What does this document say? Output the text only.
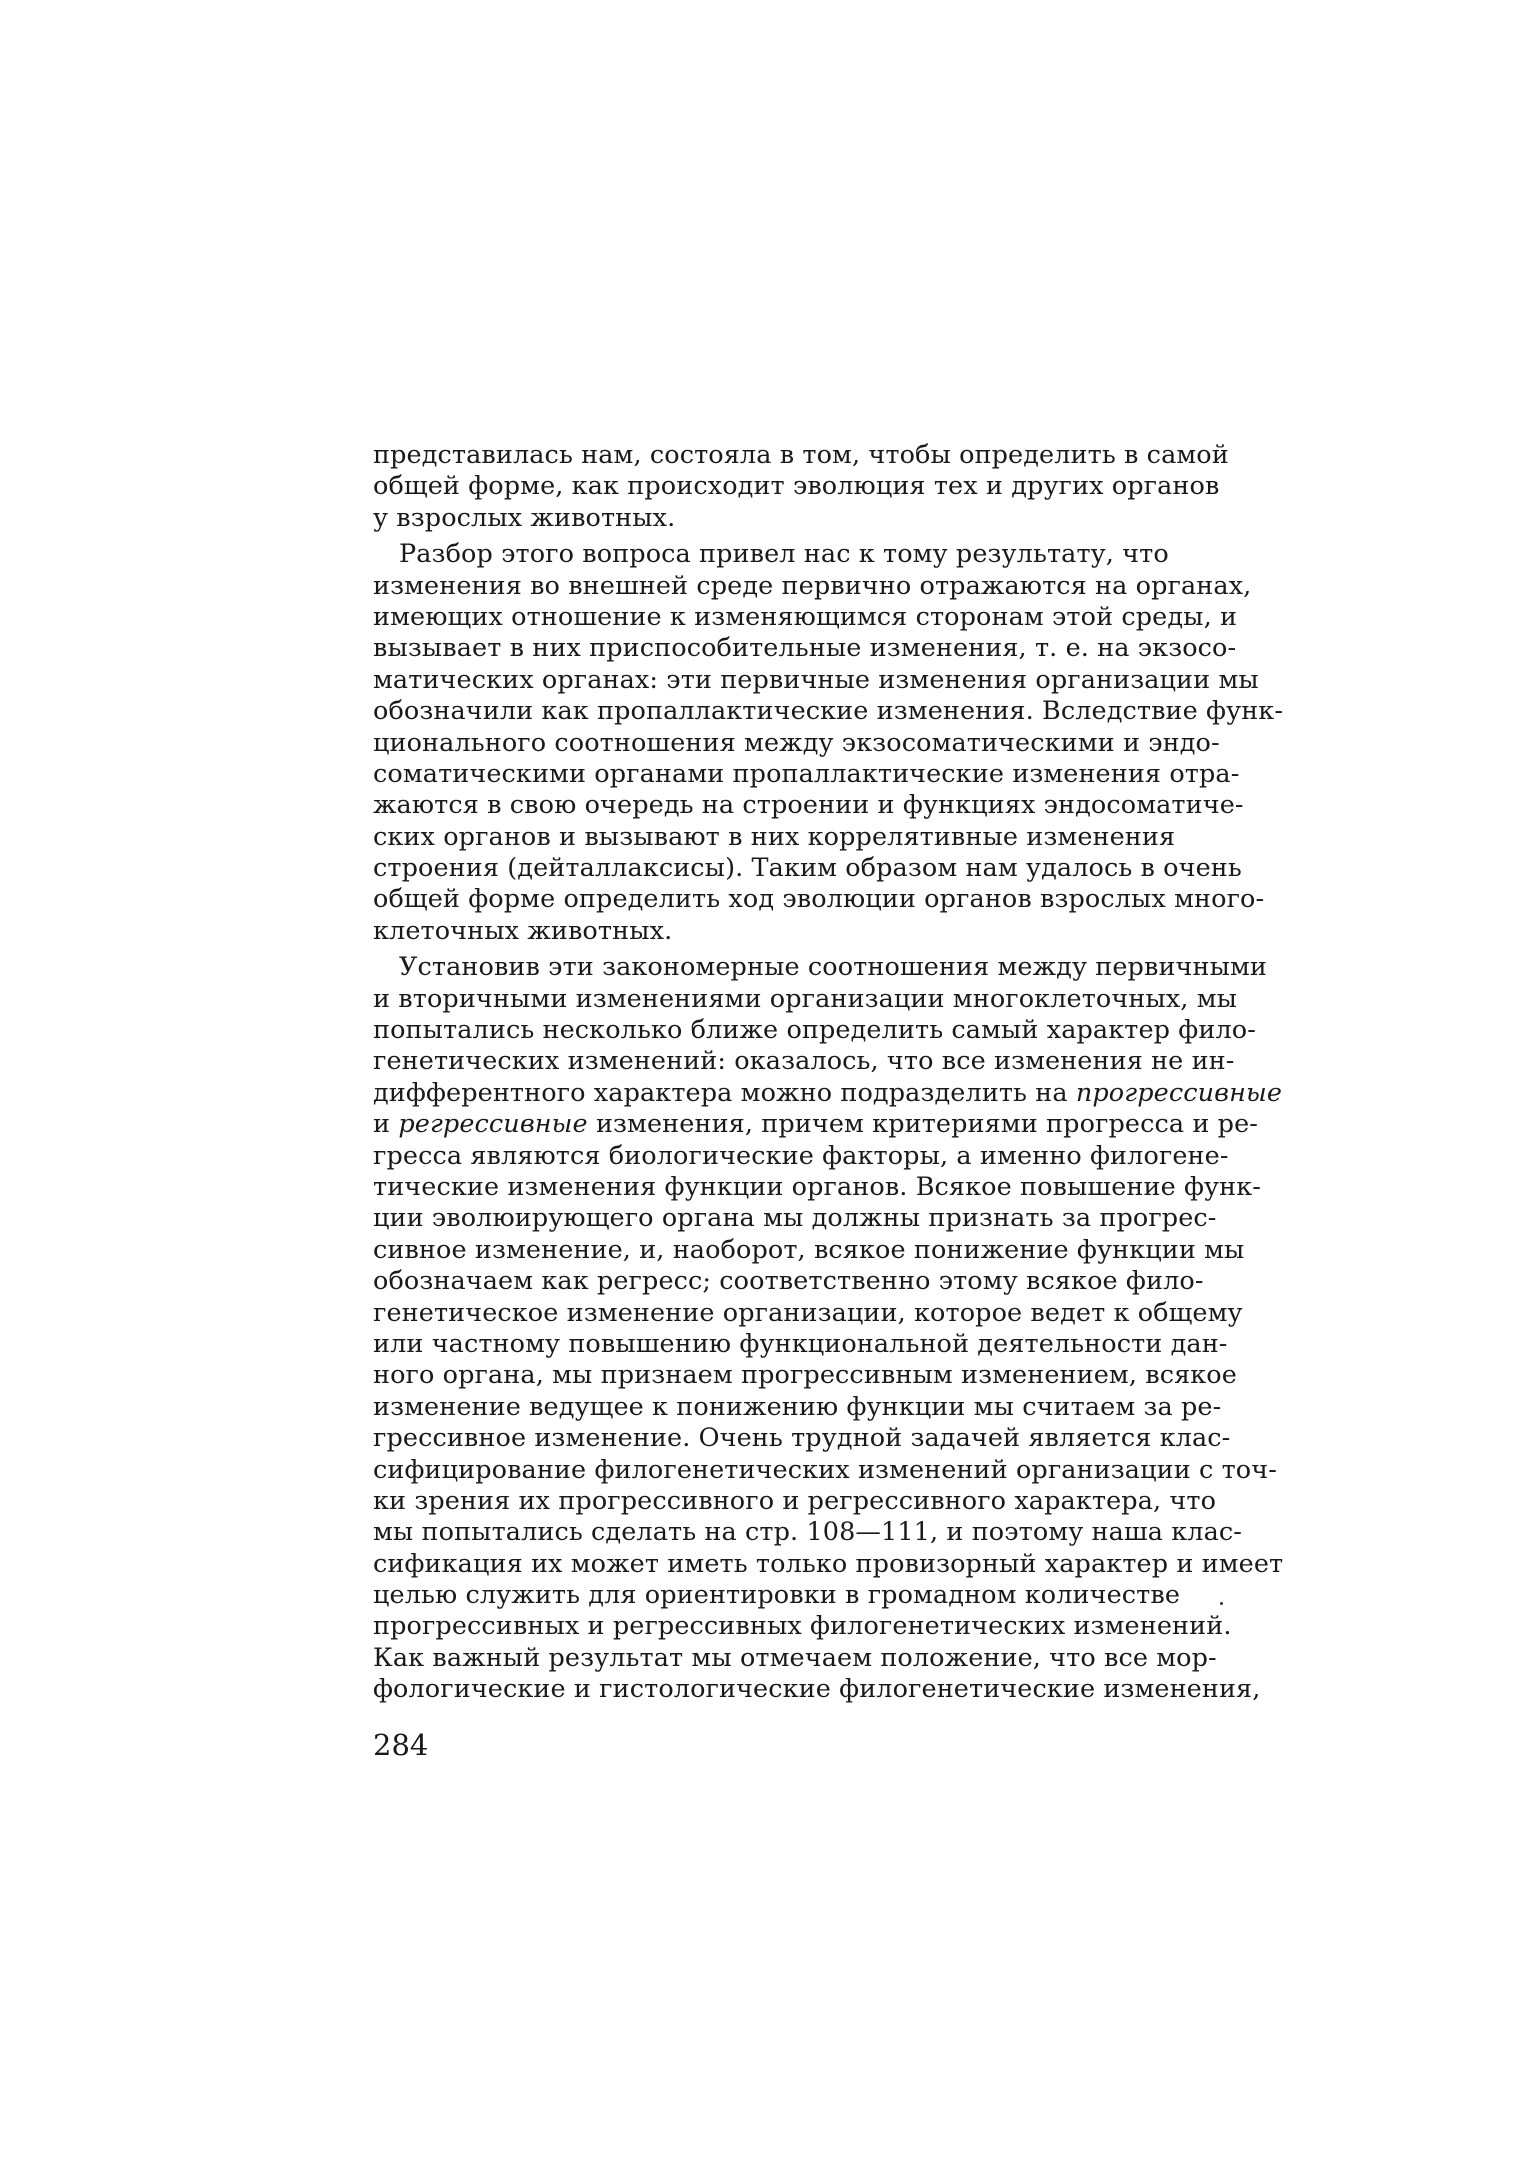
представилась нам, состояла в том, чтобы определить в самой
общей форме, как происходит эволюция тех и других органов
у взрослых животных.
Разбор этого вопроса привел нас к тому результату, что
изменения во внешней среде первично отражаются на органах,
имеющих отношение к изменяющимся сторонам этой среды, и
вызывает в них приспособительные изменения, т. е. на экзосо-
матических органах: эти первичные изменения организации мы
обозначили как пропаллактические изменения. Вследствие функ-
ционального соотношения между экзосоматическими и эндо-
соматическими органами пропаллактические изменения отра-
жаются в свою очередь на строении и функциях эндосоматиче-
ских органов и вызывают в них коррелятивные изменения
строения (дейталлаксисы). Таким образом нам удалось в очень
общей форме определить ход эволюции органов взрослых много-
клеточных животных.
Установив эти закономерные соотношения между первичными
и вторичными изменениями организации многоклеточных, мы
попытались несколько ближе определить самый характер фило-
генетических изменений: оказалось, что все изменения не ин-
дифферентного характера можно подразделить на прогрессивные
и регрессивные изменения, причем критериями прогресса и ре-
гресса являются биологические факторы, а именно филогене-
тические изменения функции органов. Всякое повышение функ-
ции эволюирующего органа мы должны признать за прогрес-
сивное изменение, и, наоборот, всякое понижение функции мы
обозначаем как регресс; соответственно этому всякое фило-
генетическое изменение организации, которое ведет к общему
или частному повышению функциональной деятельности дан-
ного органа, мы признаем прогрессивным изменением, всякое
изменение ведущее к понижению функции мы считаем за ре-
грессивное изменение. Очень трудной задачей является клас-
сифицирование филогенетических изменений организации с точ-
ки зрения их прогрессивного и регрессивного характера, что
мы попытались сделать на стр. 108—111, и поэтому наша клас-
сификация их может иметь только провизорный характер и имеет
целью служить для ориентировки в громадном количестве
прогрессивных и регрессивных филогенетических изменений.
Как важный результат мы отмечаем положение, что все мор-
фологические и гистологические филогенетические изменения,
284
